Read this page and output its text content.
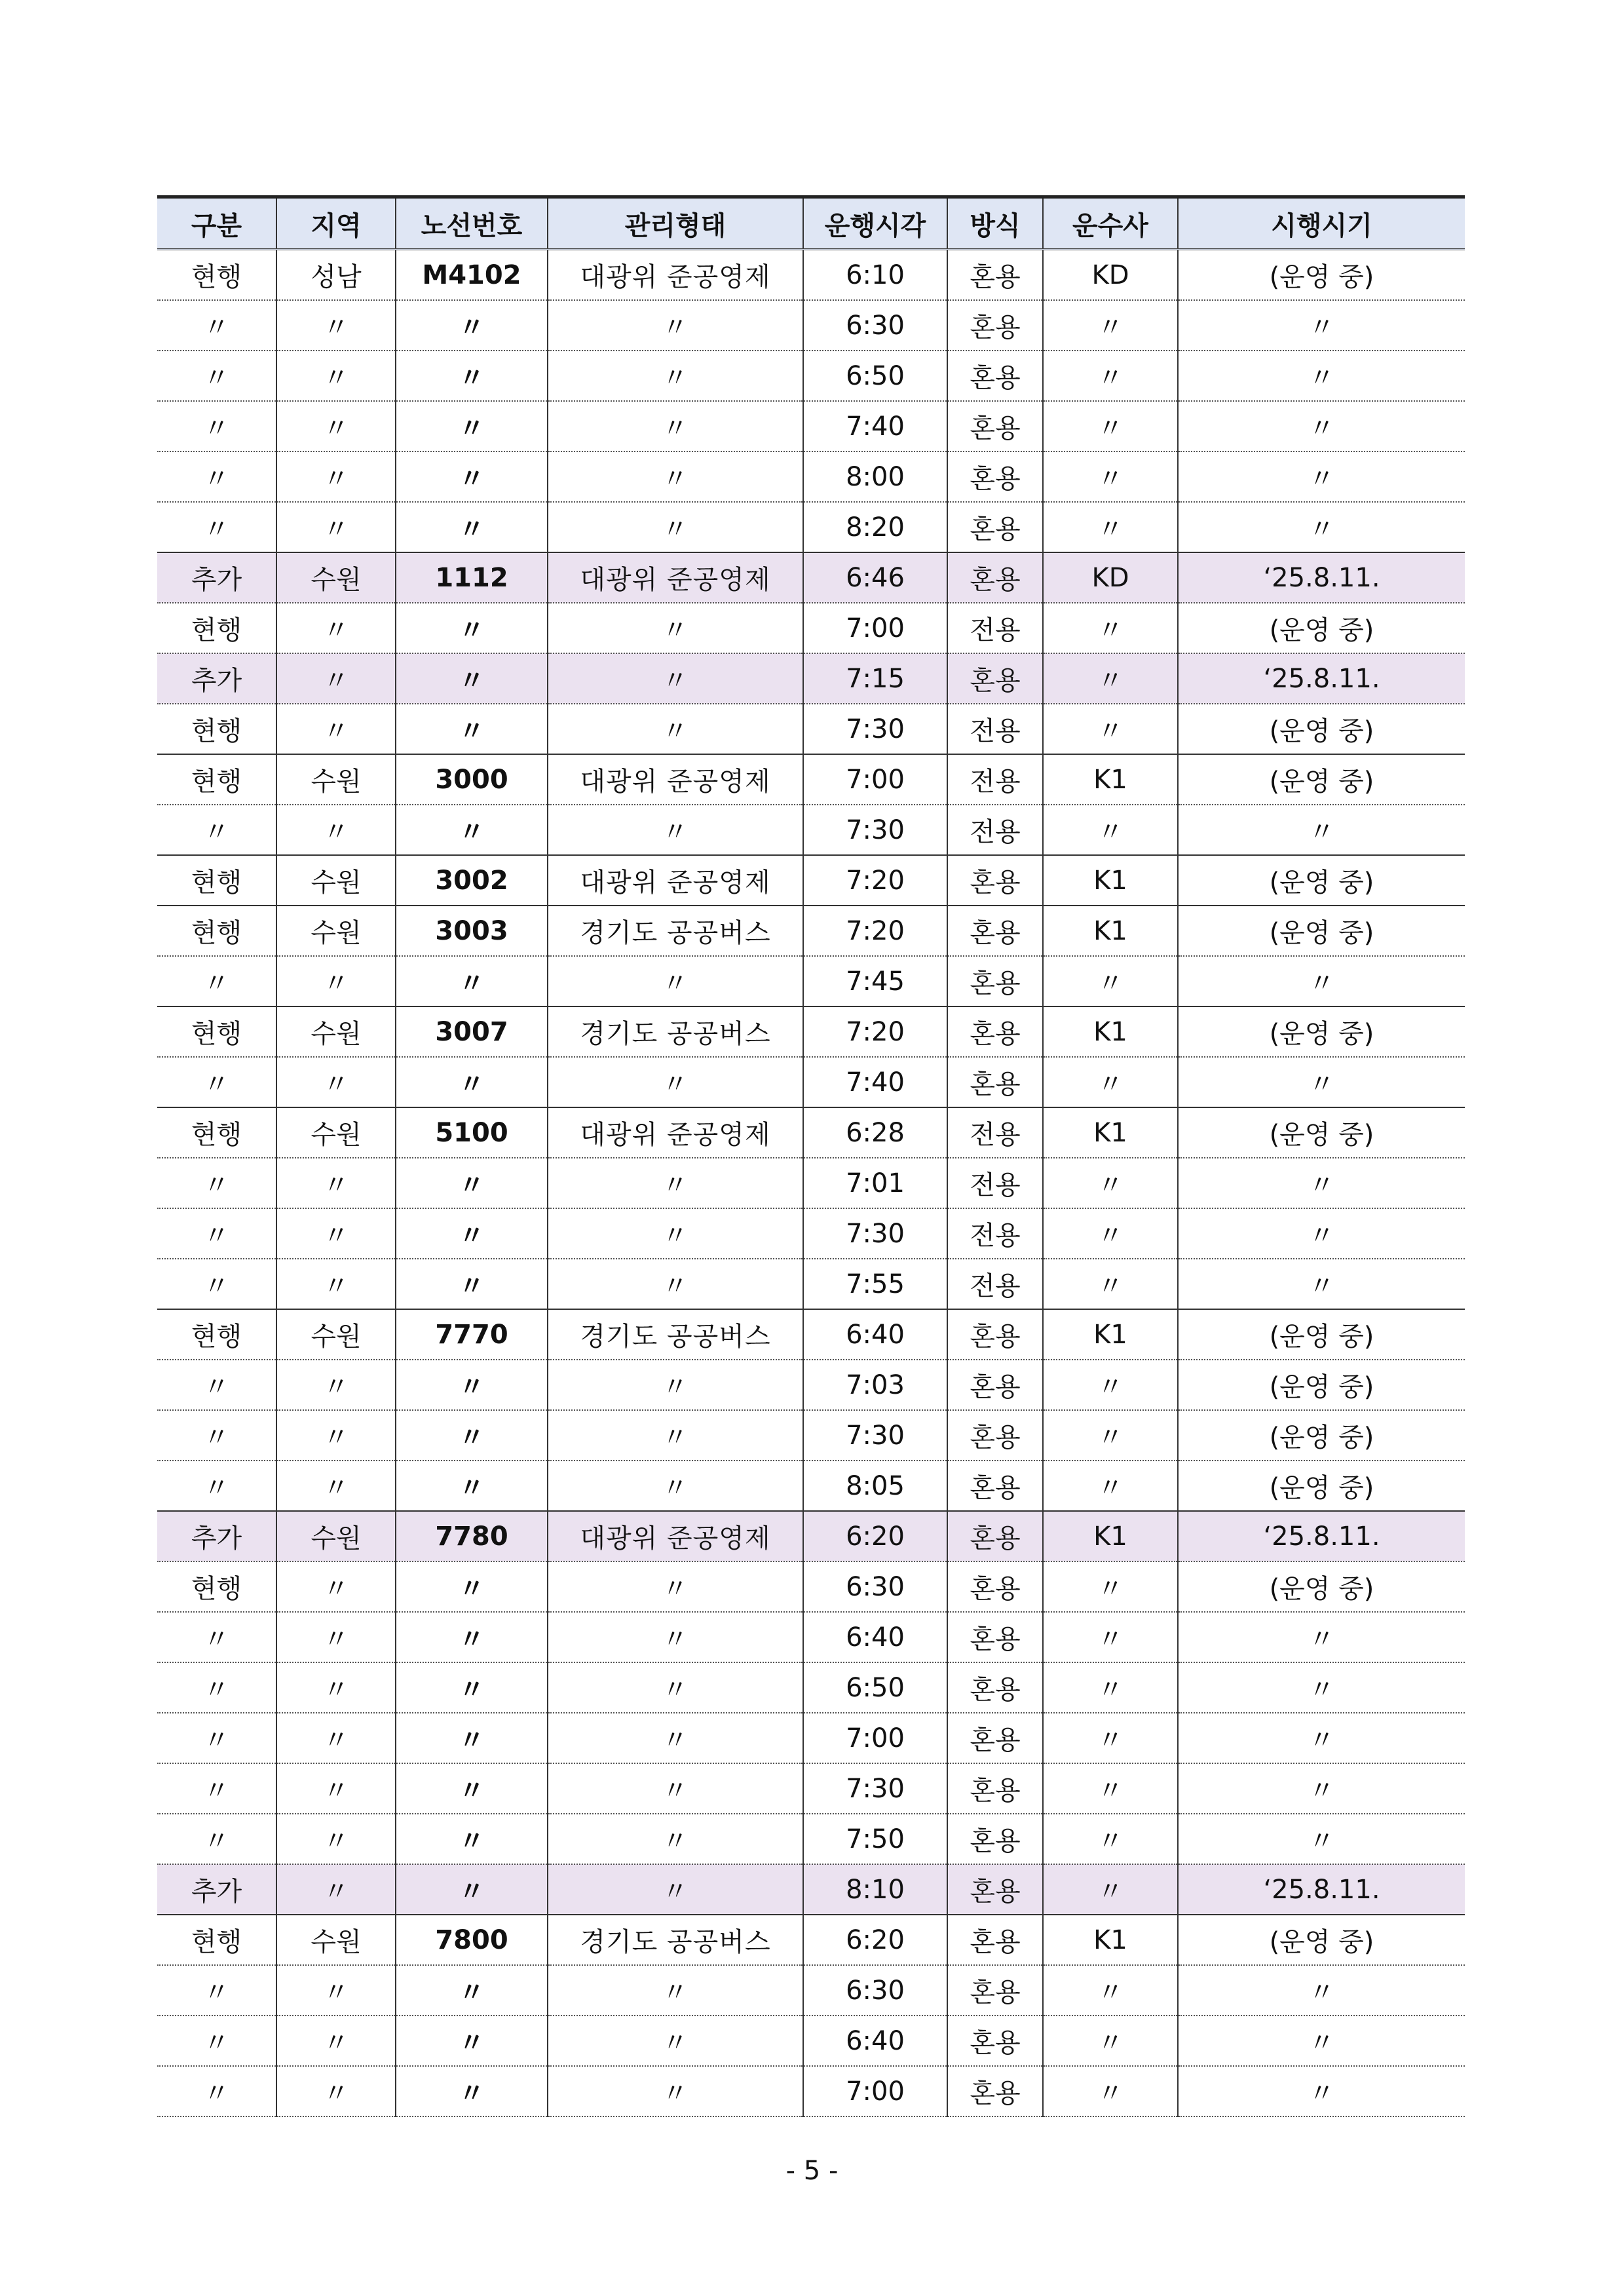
구분	지역	노선번호	관리형태	운행시각	방식	운수사	시행시기
현행	성남	M4102	대광위 준공영제	6:10	혼용	KD	(운영 중)
〃	〃	〃	〃	6:30	혼용	〃	〃
〃	〃	〃	〃	6:50	혼용	〃	〃
〃	〃	〃	〃	7:40	혼용	〃	〃
〃	〃	〃	〃	8:00	혼용	〃	〃
〃	〃	〃	〃	8:20	혼용	〃	〃
추가	수원	1112	대광위 준공영제	6:46	혼용	KD	‘25.8.11.
현행	〃	〃	〃	7:00	전용	〃	(운영 중)
추가	〃	〃	〃	7:15	혼용	〃	‘25.8.11.
현행	〃	〃	〃	7:30	전용	〃	(운영 중)
현행	수원	3000	대광위 준공영제	7:00	전용	K1	(운영 중)
〃	〃	〃	〃	7:30	전용	〃	〃
현행	수원	3002	대광위 준공영제	7:20	혼용	K1	(운영 중)
현행	수원	3003	경기도 공공버스	7:20	혼용	K1	(운영 중)
〃	〃	〃	〃	7:45	혼용	〃	〃
현행	수원	3007	경기도 공공버스	7:20	혼용	K1	(운영 중)
〃	〃	〃	〃	7:40	혼용	〃	〃
현행	수원	5100	대광위 준공영제	6:28	전용	K1	(운영 중)
〃	〃	〃	〃	7:01	전용	〃	〃
〃	〃	〃	〃	7:30	전용	〃	〃
〃	〃	〃	〃	7:55	전용	〃	〃
현행	수원	7770	경기도 공공버스	6:40	혼용	K1	(운영 중)
〃	〃	〃	〃	7:03	혼용	〃	(운영 중)
〃	〃	〃	〃	7:30	혼용	〃	(운영 중)
〃	〃	〃	〃	8:05	혼용	〃	(운영 중)
추가	수원	7780	대광위 준공영제	6:20	혼용	K1	‘25.8.11.
현행	〃	〃	〃	6:30	혼용	〃	(운영 중)
〃	〃	〃	〃	6:40	혼용	〃	〃
〃	〃	〃	〃	6:50	혼용	〃	〃
〃	〃	〃	〃	7:00	혼용	〃	〃
〃	〃	〃	〃	7:30	혼용	〃	〃
〃	〃	〃	〃	7:50	혼용	〃	〃
추가	〃	〃	〃	8:10	혼용	〃	‘25.8.11.
현행	수원	7800	경기도 공공버스	6:20	혼용	K1	(운영 중)
〃	〃	〃	〃	6:30	혼용	〃	〃
〃	〃	〃	〃	6:40	혼용	〃	〃
〃	〃	〃	〃	7:00	혼용	〃	〃
- 5 -
